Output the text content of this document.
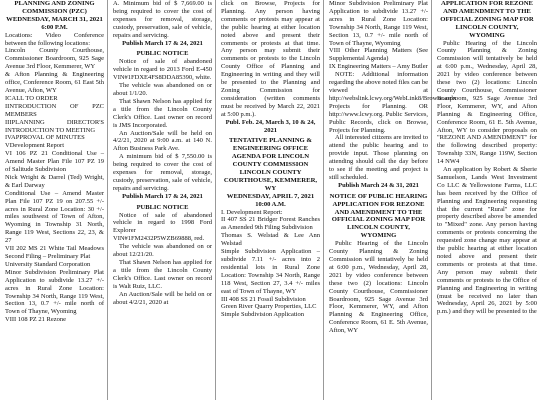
PLANNING AND ZONING COMMISSION (PZC) WEDNESDAY, MARCH 31, 2021
6:00 P.M.
Locations: Video Conference between the following locations:
Lincoln County Courthouse, Commissioner Boardroom, 925 Sage Avenue 3rd Floor, Kemmerer, WY
& Afton Planning & Engineering office, Conference Room, 61 East 5th Avenue, Afton, WY
ICALL TO ORDER
IINTRODUCTION OF PZC MEMBERS
IIIPLANNING DIRECTOR'S INTRODUCTION TO MEETING
IVAPPROVAL OF MINUTES
VDevelopment Report
VI 106 PZ 21 Conditional Use – Amend Master Plan File 107 PZ 19 of Salitude Subdivision
Nick Wright & Darrel (Ted) Wright, & Earl Darway
Conditional Use – Amend Master Plan File 107 PZ 19 on 207.55 +/- acres in Rural Zone Location: 30 +/- miles southwest of Town of Afton, Wyoming in Township 31 North, Range 119 West, Sections 22, 23, & 27
VII 202 MS 21 White Tail Meadows Second Filing – Preliminary Plat
University Standard Corporation
Minor Subdivision Preliminary Plat Application to subdivide 13.27 +/- acres in Rural Zone Location: Township 34 North, Range 119 West, Section 13, 0.7 +/- mile north of Town of Thayne, Wyoming
VIII 108 PZ 21 Rezone
A. Minimum bid of $ 7,669.00 is being required to cover the cost of expenses for removal, storage, custody, preservation, sale of vehicle, repairs and servicing.
Publish March 17 & 24, 2021
PUBLIC NOTICE
Notice of sale of abandoned vehicle in regard to 2013 Ford E-450 VIN#1FDXE4FS8DDA85390, white.
The vehicle was abandoned on or about 1/1/20.
That Shawn Nelson has applied for a title from the Lincoln County Clerk's Office. Last owner on record is JMS Incorporated.
An Auction/Sale will be held on 4/2/21, 2020 at 9:00 a.m. at 140 N. Afton Business Park Ave.
A minimum bid of $ 7,550.00 is being required to cover the cost of expenses for removal, storage, custody, preservation, sale of vehicle, repairs and servicing.
Publish March 17 & 24, 2021
PUBLIC NOTICE
Notice of sale of abandoned vehicle in regard to 1998 Ford Explorer VIN#1FM2432P5WZB69888, red.
The vehicle was abandoned on or about 12/21/20.
That Shawn Nelson has applied for a title from the Lincoln County Clerk's Office. Last owner on record is Walt Ruiz, LLC.
An Auction/Sale will be held on or about 4/2/21, 2020 at
click on Browse, Projects for Planning. Any person having comments or protests may appear at the public hearing at either location noted above and present their comments or protests at that time. Any person may submit their comments or protests to the Lincoln County Office of Planning and Engineering in writing and they will be presented to the Planning and Zoning Commission for consideration (written comments must be received by March 22, 2021 at 5:00 p.m.).
Publ. Feb. 24, March 3, 10 & 24, 2021
TENTATIVE PLANNING & ENGINEERING OFFICE AGENDA FOR LINCOLN COUNTY COMMISSION LINCOLN COUNTY COURTHOUSE, KEMMERER, WY
WEDNESDAY, APRIL 7, 2021
10:00 A.M.
I. Development Report:
II 407 SS 21 Bridger Forest Ranches as Amended 9th Filing Subdivision
Thomas S. Welstad & Lee Ann Welstad
Simple Subdivision Application – subdivide 7.11 +/- acres into 2 residential lots in Rural Zone Location: Township 34 North, Range 118 West, Section 27, 3.4 +/- miles east of Town of Thayne, WY
III 408 SS 21 Fossil Subdivision
Green River Quarry Properties, LLC
Simple Subdivision Application
Minor Subdivision Preliminary Plat Application to subdivide 13.27 +/- acres in Rural Zone Location: Township 34 North, Range 119 West, Section 13, 0.7 +/- mile north of Town of Thayne, Wyoming
VIII Other Planning Matters (See Supplemental Agenda)
IX Engineering Matters – Amy Butler
NOTE: Additional information regarding the above noted files can be viewed at http://webslink.lcwy.org/WebLink8/Browse.aspx Projects for Planning. OR http://www.lcwy.org. Public Services, Public Records, click on Browse, Projects for Planning.
All interested citizens are invited to attend the public hearing and to provide input. Those planning on attending should call the day before to see if the meeting and project is still scheduled.
Publish March 24 & 31, 2021
NOTICE OF PUBLIC HEARING APPLICATION FOR REZONE AND AMENDMENT TO THE OFFICIAL ZONING MAP FOR LINCOLN COUNTY, WYOMING
Public Hearing of the Lincoln County Planning & Zoning Commission will tentatively be held at 6:00 p.m., Wednesday, April 28, 2021 by video conference between these two (2) locations: Lincoln County Courthouse, Commissioner Boardroom, 925 Sage Avenue 3rd Floor, Kemmerer, WY, and Afton Planning & Engineering Office, Conference Room, 61 E. 5th Avenue, Afton, WY
APPLICATION FOR REZONE AND AMENDMENT TO THE OFFICIAL ZONING MAP FOR LINCOLN COUNTY, WYOMING
Public Hearing of the Lincoln County Planning & Zoning Commission will tentatively be held at 6:00 p.m., Wednesday, April 28, 2021 by video conference between these two (2) locations: Lincoln County Courthouse, Commissioner Boardroom, 925 Sage Avenue 3rd Floor, Kemmerer, WY, and Afton Planning & Engineering Office, Conference Room, 61 E. 5th Avenue, Afton, WY to consider proposals on "REZONE AND AMENDMENT" for the following described property: Township 33N, Range 119W, Section 14 NW4
An application by Robert & Sherie Samuelson, Lands West Investment Co LLC & Yellowstone Farms, LLC has been received by the Office of Planning and Engineering requesting that the current "Rural" zone for property described above be amended to "Mixed" zone. Any person having comments or protests concerning the requested zone change may appear at the public hearing at either location noted above and present their comments or protests at that time. Any person may submit their comments or protests to the Office of Planning and Engineering in writing (must be received no later than Wednesday, April 26, 2021 by 5:00 p.m.) and they will be presented to the
